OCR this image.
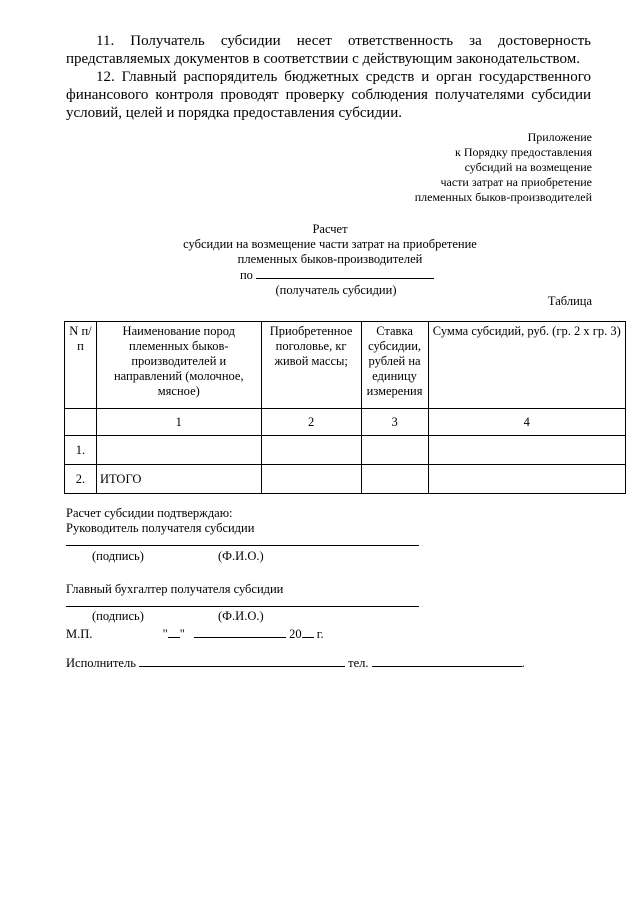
11. Получатель субсидии несет ответственность за достоверность представляемых документов в соответствии с действующим законодательством.

12. Главный распорядитель бюджетных средств и орган государственного финансового контроля проводят проверку соблюдения получателями субсидии условий, целей и порядка предоставления субсидии.

Приложение
к Порядку предоставления
субсидий на возмещение
части затрат на приобретение
племенных быков-производителей
Расчет
субсидии на возмещение части затрат на приобретение
племенных быков-производителей
по
(получатель субсидии)
Таблица
N п/п	Наименование пород племенных быков-производителей и направлений (молочное, мясное)	Приобретенное поголовье, кг живой массы;	Ставка субсидии, рублей на единицу измерения	Сумма субсидий, руб. (гр. 2 х гр. 3)
	1	2	3	4
1.				
2.	ИТОГО			
Расчет субсидии подтверждаю:
Руководитель получателя субсидии
(подпись)	(Ф.И.О.)
Главный бухгалтер получателя субсидии
(подпись)	(Ф.И.О.)
М.П.	" "	20 г.
Исполнитель	тел.	.
